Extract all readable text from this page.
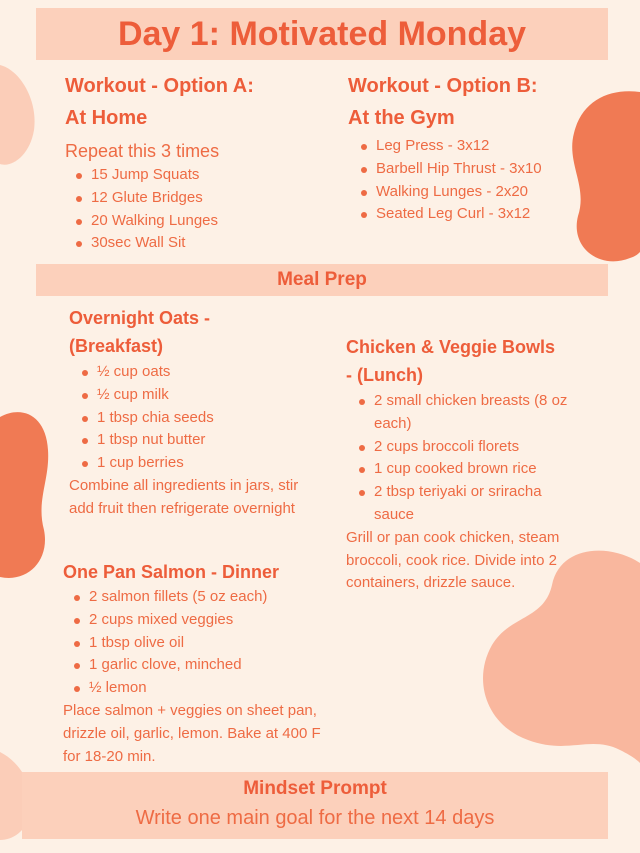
Day 1: Motivated Monday
Workout - Option A:
At Home

Repeat this 3 times

15 Jump Squats
12 Glute Bridges
20 Walking Lunges
30sec Wall Sit
Workout - Option B:
At the Gym
Leg Press - 3x12
Barbell Hip Thrust - 3x10
Walking Lunges - 2x20
Seated Leg Curl - 3x12
Meal Prep
Overnight Oats -
(Breakfast)
½ cup oats
½ cup milk
1 tbsp chia seeds
1 tbsp nut butter
1 cup berries

Combine all ingredients in jars, stir add fruit then refrigerate overnight

One Pan Salmon - Dinner
2 salmon fillets (5 oz each)
2 cups mixed veggies
1 tbsp olive oil
1 garlic clove, minched
½ lemon

Place salmon + veggies on sheet pan, drizzle oil, garlic, lemon. Bake at 400 F for 18-20 min.

Chicken & Veggie Bowls
- (Lunch)
2 small chicken breasts (8 oz each)
2 cups broccoli florets
1 cup cooked brown rice
2 tbsp teriyaki or sriracha sauce

Grill or pan cook chicken, steam broccoli, cook rice. Divide into 2 containers, drizzle sauce.

Mindset Prompt

Write one main goal for the next 14 days
